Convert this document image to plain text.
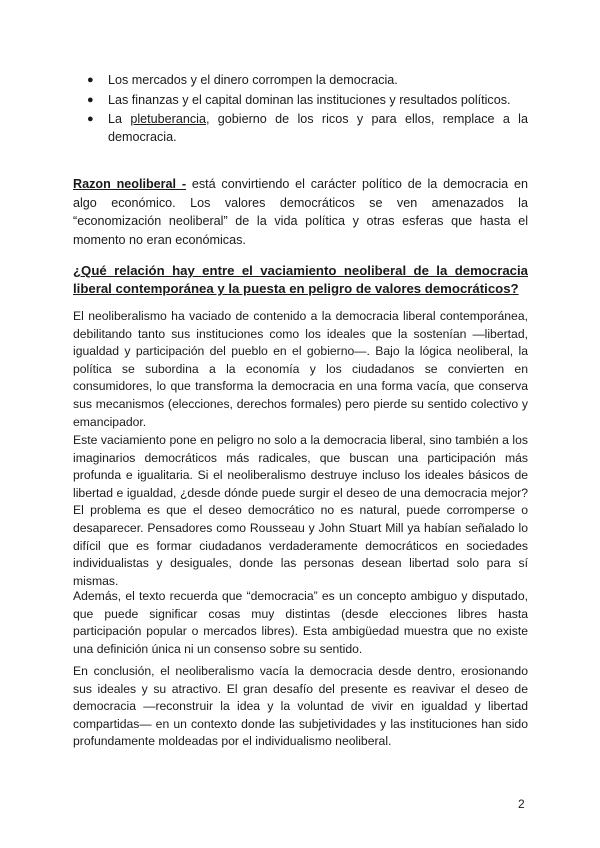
● Los mercados y el dinero corrompen la democracia.
● Las finanzas y el capital dominan las instituciones y resultados políticos.
● La pletuberancia, gobierno de los ricos y para ellos, remplace a la democracia.

Razon neoliberal - está convirtiendo el carácter político de la democracia en algo económico. Los valores democráticos se ven amenazados la “economización neoliberal” de la vida política y otras esferas que hasta el momento no eran económicas.

¿Qué relación hay entre el vaciamiento neoliberal de la democracia liberal contemporánea y la puesta en peligro de valores democráticos?

El neoliberalismo ha vaciado de contenido a la democracia liberal contemporánea, debilitando tanto sus instituciones como los ideales que la sostenían —libertad, igualdad y participación del pueblo en el gobierno—. Bajo la lógica neoliberal, la política se subordina a la economía y los ciudadanos se convierten en consumidores, lo que transforma la democracia en una forma vacía, que conserva sus mecanismos (elecciones, derechos formales) pero pierde su sentido colectivo y emancipador.

Este vaciamiento pone en peligro no solo a la democracia liberal, sino también a los imaginarios democráticos más radicales, que buscan una participación más profunda e igualitaria. Si el neoliberalismo destruye incluso los ideales básicos de libertad e igualdad, ¿desde dónde puede surgir el deseo de una democracia mejor? El problema es que el deseo democrático no es natural, puede corromperse o desaparecer. Pensadores como Rousseau y John Stuart Mill ya habían señalado lo difícil que es formar ciudadanos verdaderamente democráticos en sociedades individualistas y desiguales, donde las personas desean libertad solo para sí mismas.

Además, el texto recuerda que “democracia” es un concepto ambiguo y disputado, que puede significar cosas muy distintas (desde elecciones libres hasta participación popular o mercados libres). Esta ambigüedad muestra que no existe una definición única ni un consenso sobre su sentido.

En conclusión, el neoliberalismo vacía la democracia desde dentro, erosionando sus ideales y su atractivo. El gran desafío del presente es reavivar el deseo de democracia —reconstruir la idea y la voluntad de vivir en igualdad y libertad compartidas— en un contexto donde las subjetividades y las instituciones han sido profundamente moldeadas por el individualismo neoliberal.

2
